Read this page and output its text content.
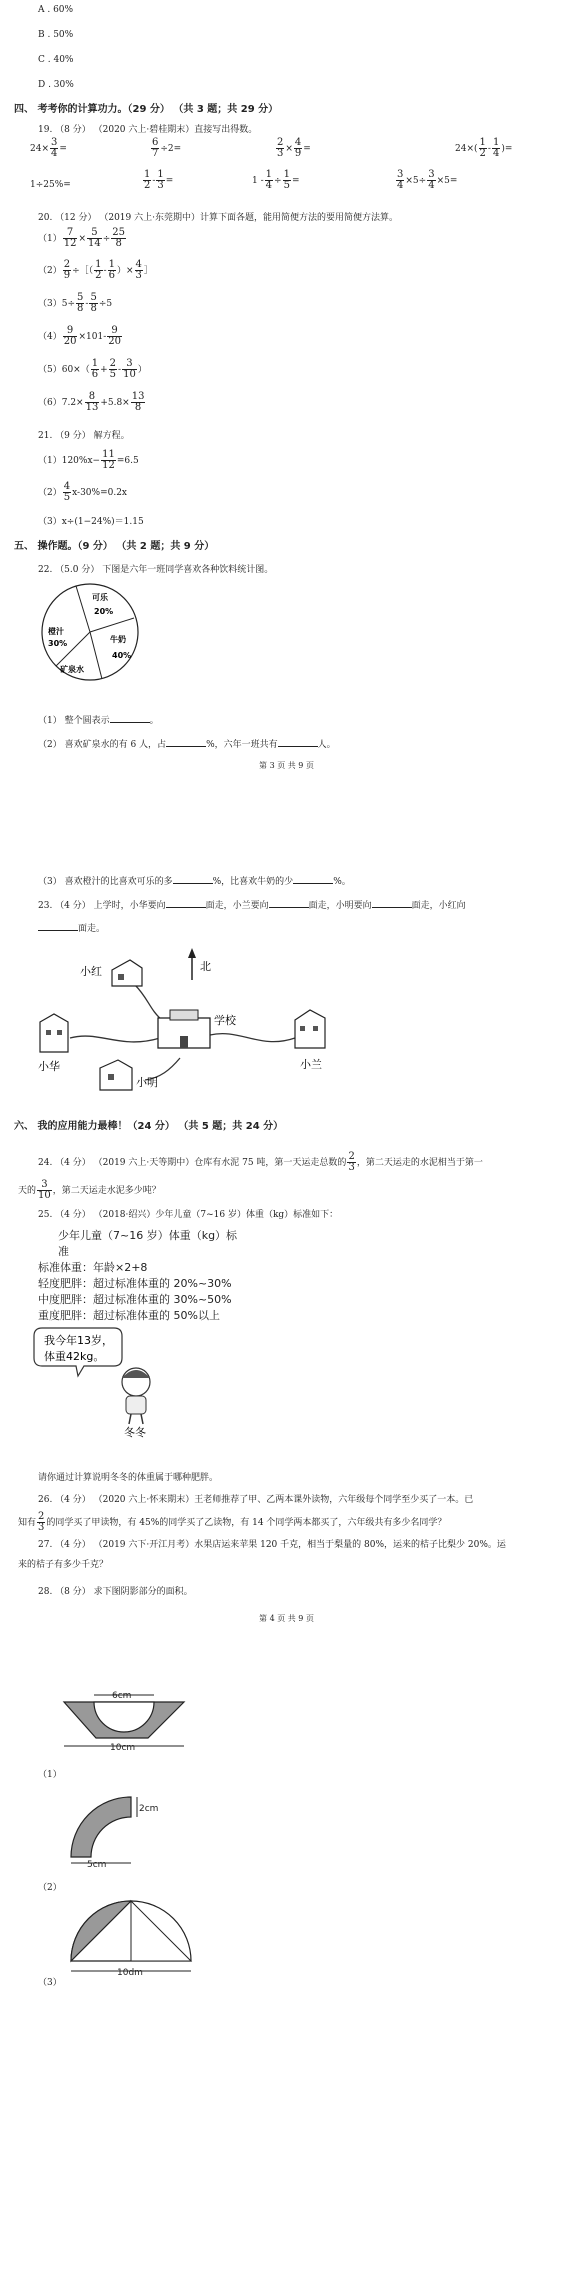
A . 60%
B . 50%
C . 40%
D . 30%
四、 考考你的计算功力。（29 分） （共 3 题；共 29 分）
19. （8 分） （2020 六上·碧桂期末）直接写出得数。
$24\times \frac{3}{4}$ =	$\frac{6}{7} \div 2=$	$\frac{2}{3} \times \frac{4}{9}$ =	$24\times( \frac{1}{2} - \frac{1}{4}$ )=
1÷25%=	$\frac{1}{2} - \frac{1}{3}$ =	$1 - \frac{1}{4} \div \frac{1}{5}$ =	$\frac{3}{4} \times 5\div \frac{3}{4} \times 5=$
20. （12 分） （2019 六上·东莞期中）计算下面各题，能用简便方法的要用简便方法算。
$(1) \frac{7}{12} \times \frac{5}{14} \div \frac{25}{8}$
$(2) \frac{2}{9}$ ÷［（ $\frac{1}{2} - \frac{1}{6}$ ）× $\frac{4}{3}$ ］
$(3)5\div \frac{5}{8} - \frac{5}{8} \div 5$
$(4) \frac{9}{20} \times 101- \frac{9}{20}$
$(5)60\times( \frac{1}{6} + \frac{2}{5} - \frac{3}{10}$ ）
$(6)7.2\times \frac{8}{13} +5.8\times \frac{13}{8}$
21. （9 分） 解方程。
$(1)120\%x- \frac{11}{12} =6.5$
$(2) \frac{4}{5} x-30\%=0.2x$
（3）x÷(1−24%)＝1.15
五、 操作题。（9 分） （共 2 题；共 9 分）
22. （5.0 分） 下图是六年一班同学喜欢各种饮料统计图。
可乐
20%
橙汁
30%	牛奶
40%
矿泉水
（1） 整个圆表示	。
（2） 喜欢矿泉水的有 6 人，占	%，六年一班共有	人。
第 3 页 共 9 页
（3） 喜欢橙汁的比喜欢可乐的多	%，比喜欢牛奶的少	%。
23. （4 分） 上学时，小华要向	面走，小兰要向	面走，小明要向	面走，小红向
面走。
北
小红
学校
小华	小兰
小明
六、 我的应用能力最棒！（24 分） （共 5 题；共 24 分）
24. （4 分） （2019 六上·天等期中）仓库有水泥 75 吨，第一天运走总数的 $\frac{2}{3}$ ，第二天运走的水泥相当于第一
天的 $\frac{3}{10}$ ，第二天运走水泥多少吨？
25. （4 分） （2018·绍兴）少年儿童（7~16 岁）体重（kg）标准如下：
少年儿童（7~16 岁）体重（kg）标准
标准体重：年龄×2+8
轻度肥胖：超过标准体重的 20%~30%
中度肥胖：超过标准体重的 30%~50%
重度肥胖：超过标准体重的 50%以上
我今年13岁，
体重42kg。
冬冬
请你通过计算说明冬冬的体重属于哪种肥胖。
26. （4 分） （2020 六上·怀来期末）王老师推荐了甲、乙两本课外读物，六年级每个同学至少买了一本。已
知有 $\frac{2}{3}$ 的同学买了甲读物，有 45%的同学买了乙读物，有 14 个同学两本都买了，六年级共有多少名同学？
27. （4 分） （2019 六下·开江月考）水果店运来苹果 120 千克，相当于梨量的 80%，运来的桔子比梨少 20%。运
来的桔子有多少千克？
28. （8 分） 求下图阴影部分的面积。
第 4 页 共 9 页
6cm
10cm
（1）
2cm
5cm
（2）
10dm
（3）
